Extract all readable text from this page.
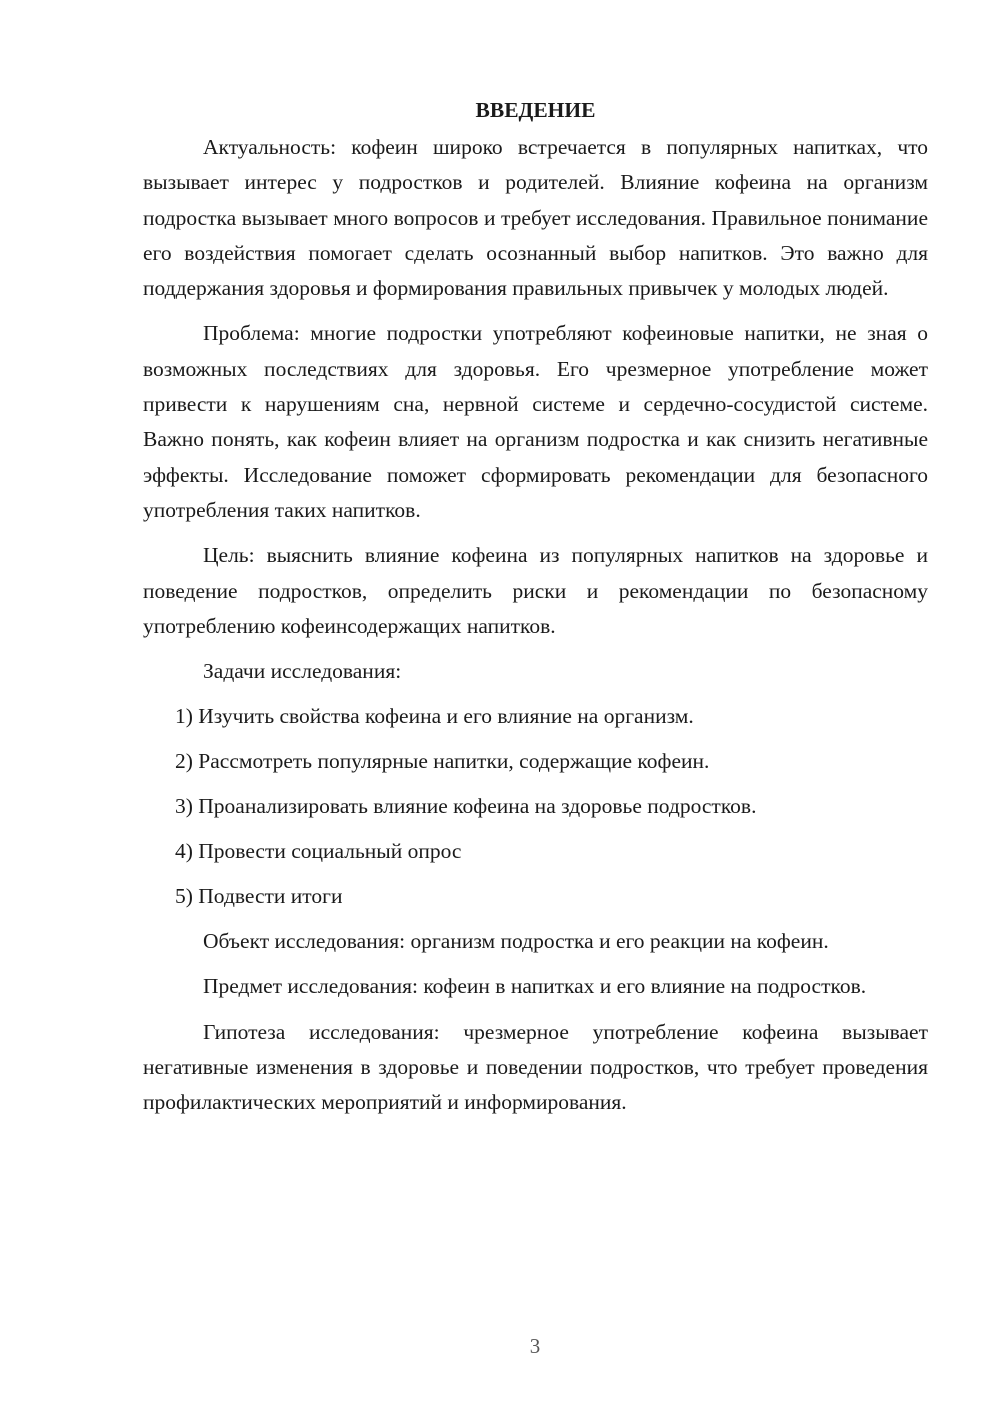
ВВЕДЕНИЕ

Актуальность: кофеин широко встречается в популярных напитках, что вызывает интерес у подростков и родителей. Влияние кофеина на организм подростка вызывает много вопросов и требует исследования. Правильное понимание его воздействия помогает сделать осознанный выбор напитков. Это важно для поддержания здоровья и формирования правильных привычек у молодых людей.

Проблема: многие подростки употребляют кофеиновые напитки, не зная о возможных последствиях для здоровья. Его чрезмерное употребление может привести к нарушениям сна, нервной системе и сердечно-сосудистой системе. Важно понять, как кофеин влияет на организм подростка и как снизить негативные эффекты. Исследование поможет сформировать рекомендации для безопасного употребления таких напитков.

Цель: выяснить влияние кофеина из популярных напитков на здоровье и поведение подростков, определить риски и рекомендации по безопасному употреблению кофеинсодержащих напитков.

Задачи исследования:

1) Изучить свойства кофеина и его влияние на организм.
2) Рассмотреть популярные напитки, содержащие кофеин.
3) Проанализировать влияние кофеина на здоровье подростков.
4) Провести социальный опрос
5) Подвести итоги

Объект исследования: организм подростка и его реакции на кофеин.

Предмет исследования: кофеин в напитках и его влияние на подростков.

Гипотеза исследования: чрезмерное употребление кофеина вызывает негативные изменения в здоровье и поведении подростков, что требует проведения профилактических мероприятий и информирования.

3
